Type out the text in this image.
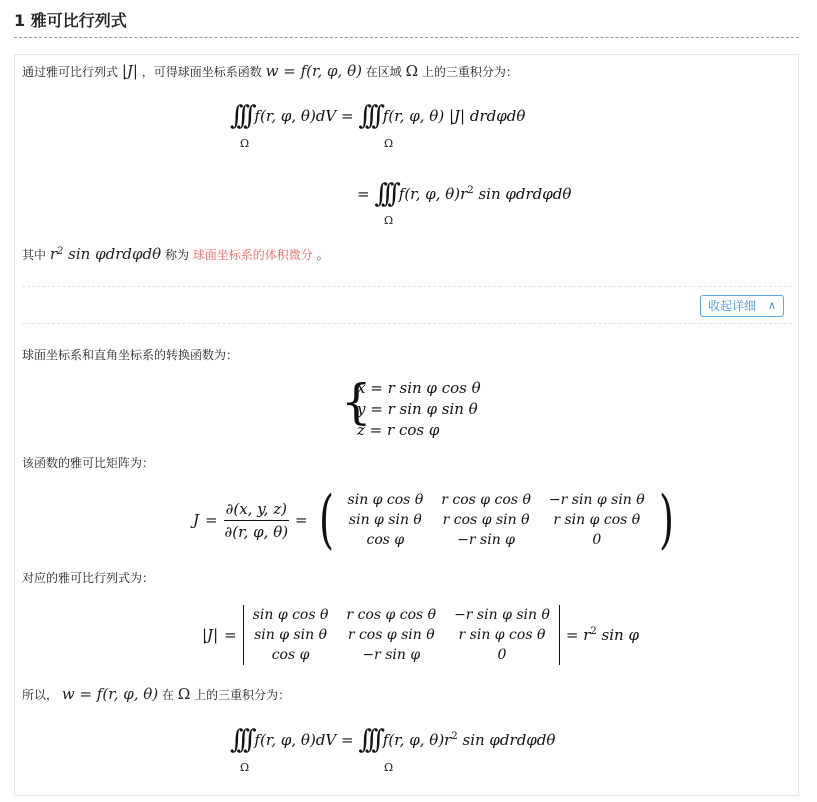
1 雅可比行列式
通过雅可比行列式 |J| ，可得球面坐标系函数 w = f(r, φ, θ) 在区域 Ω 上的三重积分为：
∫∫∫ f(r, φ, θ)dV = ∫∫∫ f(r, φ, θ) |J| drdφdθ
Ω	Ω
= ∫∫∫ f(r, φ, $\theta)r^2$ sin φdrdφdθ
Ω
其中 $r^2$ sin φdrdφdθ 称为 球面坐标系的体积微分 。
收起详细 ∧
球面坐标系和直角坐标系的转换函数为：
{
x = r sin φ cos θ
y = r sin φ sin θ
z = r cos φ
该函数的雅可比矩阵为：
$J = \frac{\partial(x, y, z)}{\partial(r, \varphi, \theta)}$ = ( sin φ cos θ	r cos φ cos θ	−r sin φ sin θ
sin φ sin θ	r cos φ sin θ	r sin φ cos θ
cos φ	−r sin φ	0 )
对应的雅可比行列式为：
|J| =
sin φ cos θ	r cos φ cos θ	−r sin φ sin θ
sin φ sin θ	r cos φ sin θ	r sin φ cos θ
cos φ	−r sin φ	0
= $r^2$ sin φ
所以， w = f(r, φ, θ) 在 Ω 上的三重积分为：
∫∫∫ f(r, φ, θ)dV = ∫∫∫ f(r, φ, $\theta)r^2$ sin φdrdφdθ
Ω	Ω
